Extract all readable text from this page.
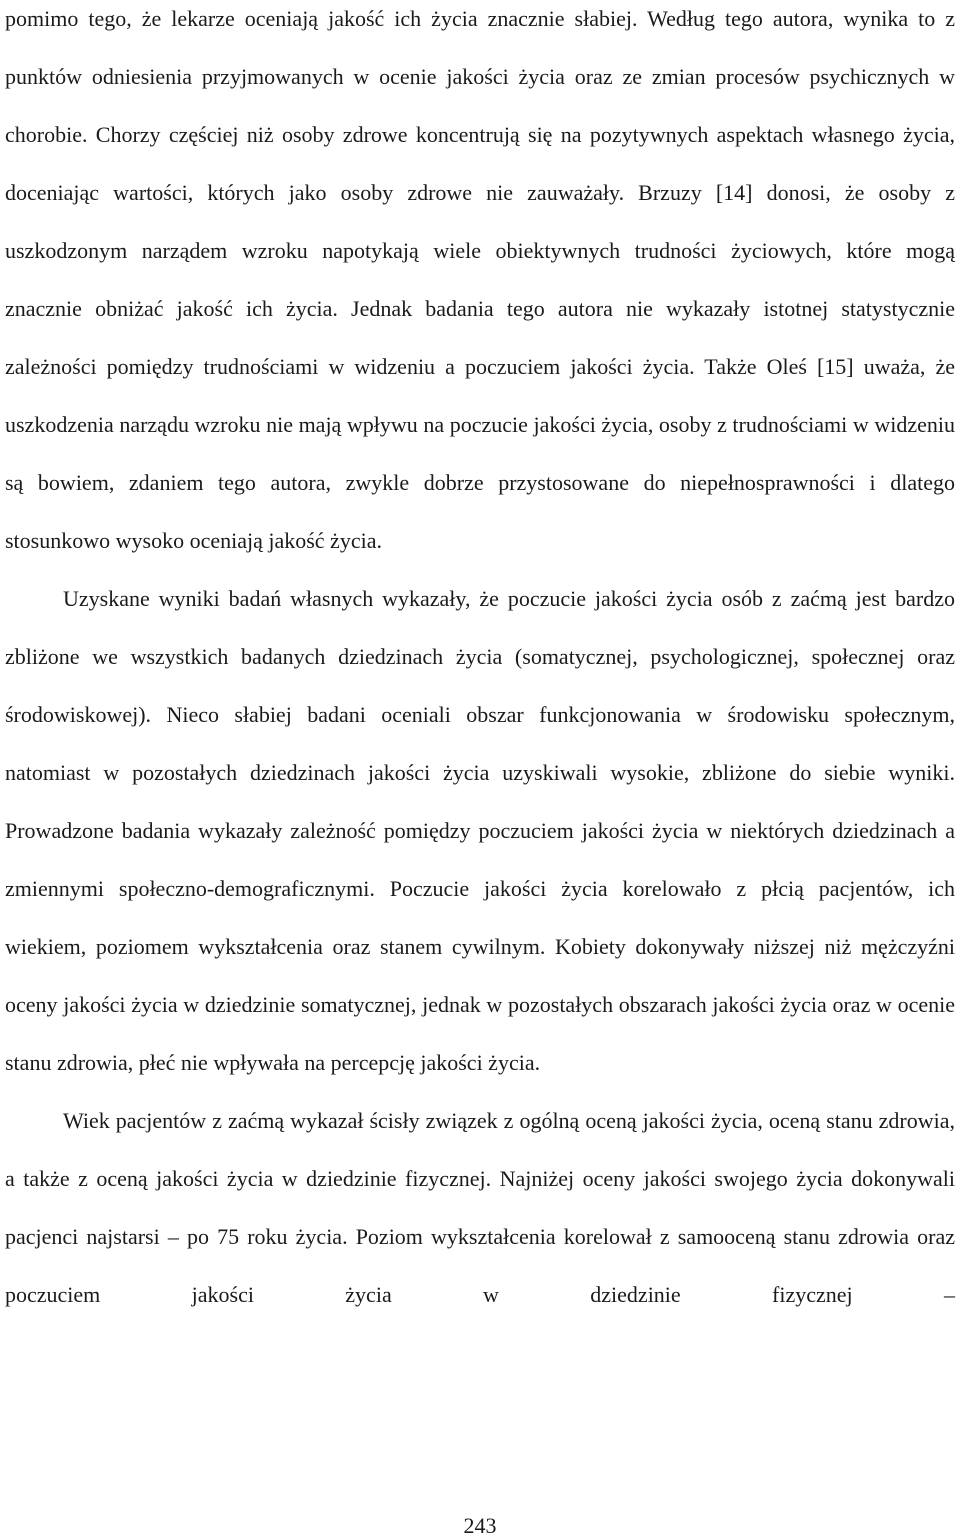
pomimo tego, że lekarze oceniają jakość ich życia znacznie słabiej. Według tego autora, wynika to z punktów odniesienia przyjmowanych w ocenie jakości życia oraz ze zmian procesów psychicznych w chorobie. Chorzy częściej niż osoby zdrowe koncentrują się na pozytywnych aspektach własnego życia, doceniając wartości, których jako osoby zdrowe nie zauważały. Brzuzy [14] donosi, że osoby z uszkodzonym narządem wzroku napotykają wiele obiektywnych trudności życiowych, które mogą znacznie obniżać jakość ich życia. Jednak badania tego autora nie wykazały istotnej statystycznie zależności pomiędzy trudnościami w widzeniu a poczuciem jakości życia. Także Oleś [15] uważa, że uszkodzenia narządu wzroku nie mają wpływu na poczucie jakości życia, osoby z trudnościami w widzeniu są bowiem, zdaniem tego autora, zwykle dobrze przystosowane do niepełnosprawności i dlatego stosunkowo wysoko oceniają jakość życia.

Uzyskane wyniki badań własnych wykazały, że poczucie jakości życia osób z zaćmą jest bardzo zbliżone we wszystkich badanych dziedzinach życia (somatycznej, psychologicznej, społecznej oraz środowiskowej). Nieco słabiej badani oceniali obszar funkcjonowania w środowisku społecznym, natomiast w pozostałych dziedzinach jakości życia uzyskiwali wysokie, zbliżone do siebie wyniki. Prowadzone badania wykazały zależność pomiędzy poczuciem jakości życia w niektórych dziedzinach a zmiennymi społeczno-demograficznymi. Poczucie jakości życia korelowało z płcią pacjentów, ich wiekiem, poziomem wykształcenia oraz stanem cywilnym. Kobiety dokonywały niższej niż mężczyźni oceny jakości życia w dziedzinie somatycznej, jednak w pozostałych obszarach jakości życia oraz w ocenie stanu zdrowia, płeć nie wpływała na percepcję jakości życia.

Wiek pacjentów z zaćmą wykazał ścisły związek z ogólną oceną jakości życia, oceną stanu zdrowia, a także z oceną jakości życia w dziedzinie fizycznej. Najniżej oceny jakości swojego życia dokonywali pacjenci najstarsi – po 75 roku życia. Poziom wykształcenia korelował z samooceną stanu zdrowia oraz poczuciem jakości życia w dziedzinie fizycznej –

243
